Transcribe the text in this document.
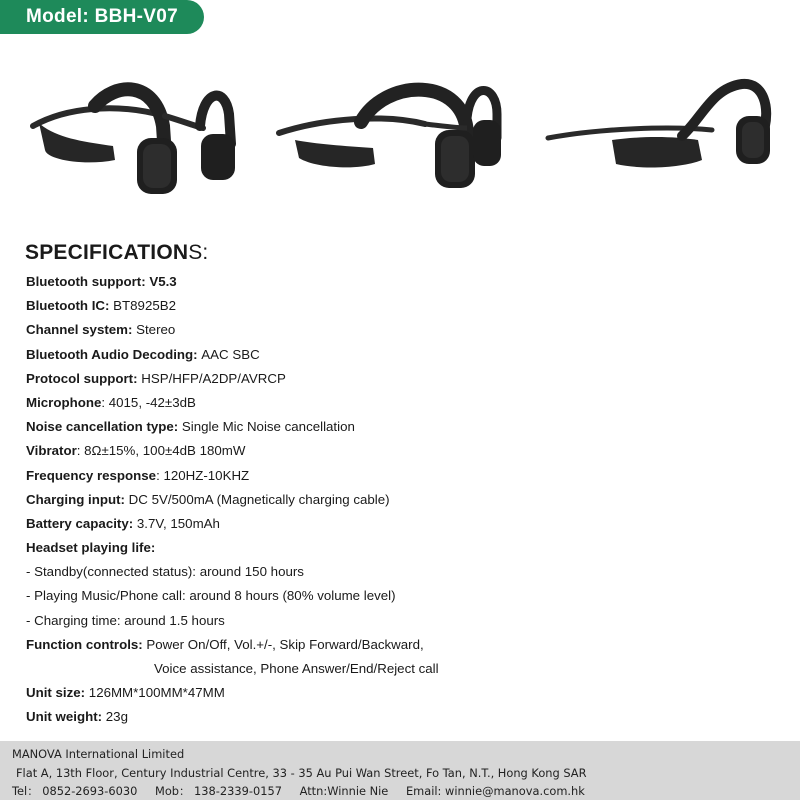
Model: BBH-V07
SPECIFICATIONS:
Bluetooth support: V5.3
Bluetooth IC: BT8925B2
Channel system: Stereo
Bluetooth Audio Decoding: AAC SBC
Protocol support: HSP/HFP/A2DP/AVRCP
Microphone: 4015, -42±3dB
Noise cancellation type: Single Mic Noise cancellation
Vibrator: 8Ω±15%, 100±4dB 180mW
Frequency response: 120HZ-10KHZ
Charging input: DC 5V/500mA (Magnetically charging cable)
Battery capacity: 3.7V, 150mAh
Headset playing life:
- Standby(connected status): around 150 hours
- Playing Music/Phone call: around 8 hours (80% volume level)
- Charging time: around 1.5 hours
Function controls: Power On/Off, Vol.+/-, Skip Forward/Backward,
Voice assistance, Phone Answer/End/Reject call
Unit size: 126MM*100MM*47MM
Unit weight: 23g
MANOVA International Limited
Flat A, 13th Floor, Century Industrial Centre, 33 - 35 Au Pui Wan Street, Fo Tan, N.T., Hong Kong SAR
Tel： 0852-2693-6030 Mob： 138-2339-0157 Attn:Winnie Nie Email: winnie@manova.com.hk
